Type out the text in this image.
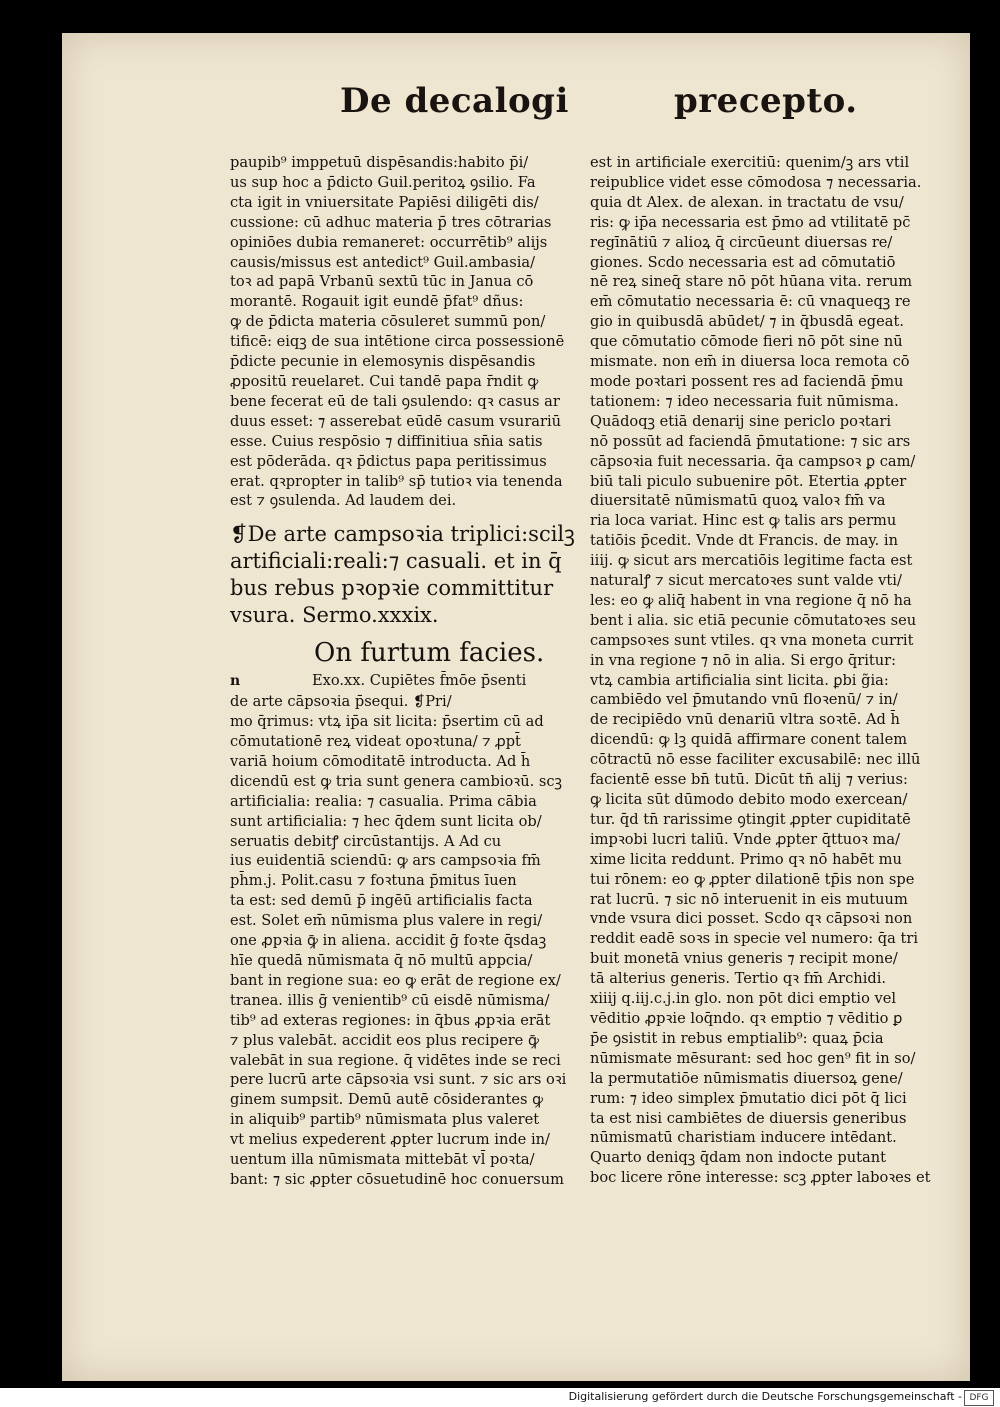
De decalogi	precepto.
paupib⁹ imppetuū dispēsandis:habito p̄i/
us sup hoc a p̄dicto Guil.peritoꝝ ꝯsilio. Fa
cta igit in vniuersitate Papiēsi diligēti dis/
cussione: cū adhuc materia p̄ tres cōtrarias
opiniōes dubia remaneret: occurrētib⁹ alijs
causis/missus est antedict⁹ Guil.ambasia/
toꝛ ad papā Vrbanū sextū tūc in Janua cō
morantē. Rogauit igit eundē p̄fat⁹ dñus:
ꝙ de p̄dicta materia cōsuleret summū pon/
tificē: eiqꝫ de sua intētione circa possessionē
p̄dicte pecunie in elemosynis dispēsandis
ꝓpositū reuelaret. Cui tandē papa r̄ndit ꝙ
bene fecerat eū de tali ꝯsulendo: qꝛ casus ar
duus esset: ⁊ asserebat eūdē casum vsurariū
esse. Cuius respōsio ⁊ diffinitiua sn̄ia satis
est pōderāda. qꝛ p̄dictus papa peritissimus
erat. qꝛpropter in talib⁹ sp̄ tutioꝛ via tenenda
est ⁊ ꝯsulenda. Ad laudem dei.
❡De arte campsoꝛia triplici:scilꝫ
artificiali:reali:⁊ casuali. et in q̄
bus rebus pꝛopꝛie committitur
vsura. Sermo.xxxix.
On furtum facies.
n	Exo.xx. Cupiētes f̄mōe p̄senti
de arte cāpsoꝛia p̄sequi. ❡Pri/
mo q̄rimus: vtꝝ ip̄a sit licita: p̄sertim cū ad
cōmutationē reꝝ videat opoꝛtuna/ ⁊ ꝓpt̄
variā hoium cōmoditatē introducta. Ad h̄
dicendū est ꝙ tria sunt genera cambioꝛū. scꝫ
artificialia: realia: ⁊ casualia. Prima cābia
sunt artificialia: ⁊ hec q̄dem sunt licita ob/
seruatis debitꝭ circūstantijs. A Ad cu
ius euidentiā sciendū: ꝙ ars campsoꝛia fm̄
ph̄m.j. Polit.casu ⁊ foꝛtuna p̄mitus īuen
ta est: sed demū p̄ ingēū artificialis facta
est. Solet em̄ nūmisma plus valere in regi/
one ꝓpꝛia ꝙ̄ in aliena. accidit ḡ foꝛte q̄sdaꝫ
hīe quedā nūmismata q̄ nō multū appcia/
bant in regione sua: eo ꝙ erāt de regione ex/
tranea. illis ḡ venientib⁹ cū eisdē nūmisma/
tib⁹ ad exteras regiones: in q̄bus ꝓpꝛia erāt
⁊ plus valebāt. accidit eos plus recipere ꝙ̄
valebāt in sua regione. q̄ vidētes inde se reci
pere lucrū arte cāpsoꝛia vsi sunt. ⁊ sic ars oꝛi
ginem sumpsit. Demū autē cōsiderantes ꝙ
in aliquib⁹ partib⁹ nūmismata plus valeret
vt melius expederent ꝓpter lucrum inde in/
uentum illa nūmismata mittebāt vl̄ poꝛta/
bant: ⁊ sic ꝓpter cōsuetudinē hoc conuersum
est in artificiale exercitiū: quenim/ꝫ ars vtil
reipublice videt esse cōmodosa ⁊ necessaria.
quia dt Alex. de alexan. in tractatu de vsu/
ris: ꝙ ip̄a necessaria est p̄mo ad vtilitatē pc̄
regīnātiū ⁊ alioꝝ q̄ circūeunt diuersas re/
giones. Scdo necessaria est ad cōmutatiō
nē reꝝ sineq̄ stare nō pōt hūana vita. rerum
em̄ cōmutatio necessaria ē: cū vnaqueqꝫ re
gio in quibusdā abūdet/ ⁊ in q̄busdā egeat.
que cōmutatio cōmode fieri nō pōt sine nū
mismate. non em̄ in diuersa loca remota cō
mode poꝛtari possent res ad faciendā p̄mu
tationem: ⁊ ideo necessaria fuit nūmisma.
Quādoqꝫ etiā denarij sine periclo poꝛtari
nō possūt ad faciendā p̄mutatione: ⁊ sic ars
cāpsoꝛia fuit necessaria. q̄a campsoꝛ ꝑ cam/
biū tali piculo subuenire pōt. Etertia ꝓpter
diuersitatē nūmismatū quoꝝ valoꝛ fm̄ va
ria loca variat. Hinc est ꝙ talis ars permu
tatiōis p̄cedit. Vnde dt Francis. de may. in
iiij. ꝙ sicut ars mercatiōis legitime facta est
naturalꝭ ⁊ sicut mercatoꝛes sunt valde vti/
les: eo ꝙ aliq̄ habent in vna regione q̄ nō ha
bent i alia. sic etiā pecunie cōmutatoꝛes seu
campsoꝛes sunt vtiles. qꝛ vna moneta currit
in vna regione ⁊ nō in alia. Si ergo q̄ritur:
vtꝝ cambia artificialia sint licita. ꝑbi g̃ia:
cambiēdo vel p̄mutando vnū floꝛenū/ ⁊ in/
de recipiēdo vnū denariū vltra soꝛtē. Ad h̄
dicendū: ꝙ lꝫ quidā affirmare conent talem
cōtractū nō esse faciliter excusabilē: nec illū
facientē esse bn̄ tutū. Dicūt tn̄ alij ⁊ verius:
ꝙ licita sūt dūmodo debito modo exercean/
tur. q̄d tn̄ rarissime ꝯtingit ꝓpter cupiditatē
impꝛobi lucri taliū. Vnde ꝓpter q̄ttuoꝛ ma/
xime licita reddunt. Primo qꝛ nō habēt mu
tui rōnem: eo ꝙ ꝓpter dilationē tp̄is non spe
rat lucrū. ⁊ sic nō interuenit in eis mutuum
vnde vsura dici posset. Scdo qꝛ cāpsoꝛi non
reddit eadē soꝛs in specie vel numero: q̄a tri
buit monetā vnius generis ⁊ recipit mone/
tā alterius generis. Tertio qꝛ fm̄ Archidi.
xiiij q.iij.c.j.in glo. non pōt dici emptio vel
vēditio ꝓpꝛie loq̄ndo. qꝛ emptio ⁊ vēditio ꝑ
p̄e ꝯsistit in rebus emptialib⁹: quaꝝ p̄cia
nūmismate mēsurant: sed hoc gen⁹ fit in so/
la permutatiōe nūmismatis diuersoꝝ gene/
rum: ⁊ ideo simplex p̄mutatio dici pōt q̄ lici
ta est nisi cambiētes de diuersis generibus
nūmismatū charistiam inducere intēdant.
Quarto deniqꝫ q̄dam non indocte putant
boc licere rōne interesse: scꝫ ꝓpter laboꝛes et
Digitalisierung gefördert durch die Deutsche Forschungsgemeinschaft - DFG
